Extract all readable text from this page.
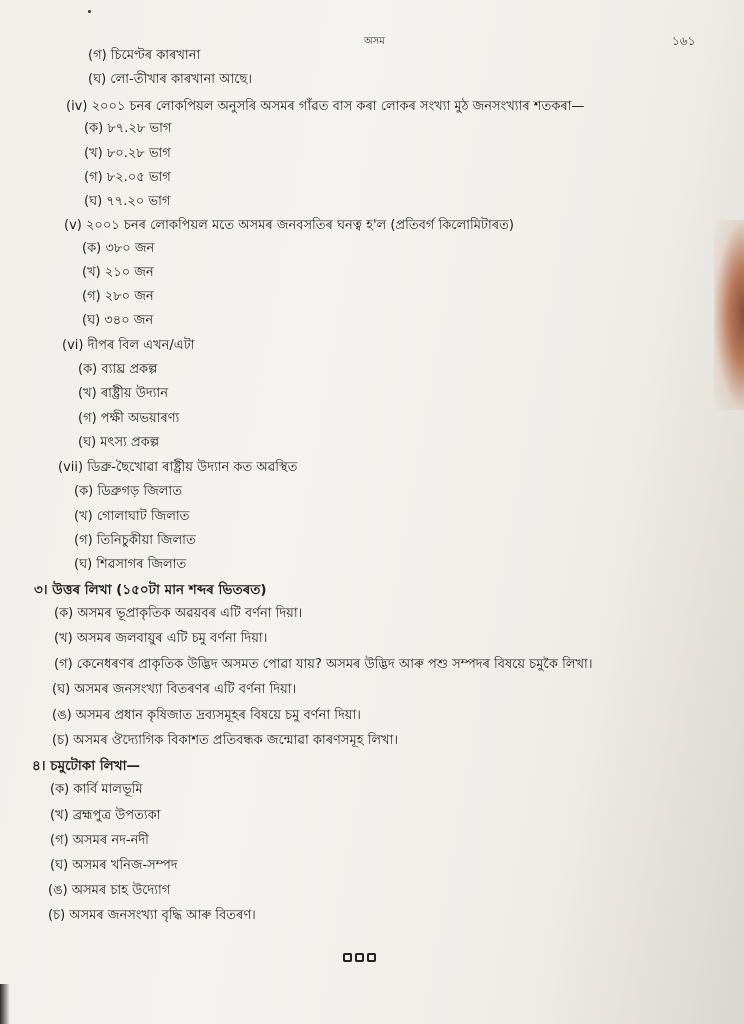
অসম	১৬১
(গ) চিমেণ্টৰ কাৰখানা
(ঘ) লো-তীখাৰ কাৰখানা আছে।
(iv) ২০০১ চনৰ লোকপিয়ল অনুসৰি অসমৰ গাঁৱত বাস কৰা লোকৰ সংখ্যা মুঠ জনসংখ্যাৰ শতকৰা—
(ক) ৮৭.২৮ ভাগ
(খ) ৮০.২৮ ভাগ
(গ) ৮২.০৫ ভাগ
(ঘ) ৭৭.২০ ভাগ
(v) ২০০১ চনৰ লোকপিয়ল মতে অসমৰ জনবসতিৰ ঘনত্ব হ'ল (প্ৰতিবৰ্গ কিলোমিটাৰত)
(ক) ৩৮০ জন
(খ) ২১০ জন
(গ) ২৮০ জন
(ঘ) ৩৪০ জন
(vi) দীপৰ বিল এখন/এটা
(ক) ব্যাঘ্ৰ প্ৰকল্প
(খ) ৰাষ্ট্ৰীয় উদ্যান
(গ) পক্ষী অভয়াৰণ্য
(ঘ) মৎস্য প্ৰকল্প
(vii) ডিব্ৰু-ছৈখোৱা ৰাষ্ট্ৰীয় উদ্যান কত অৱস্থিত
(ক) ডিব্ৰুগড় জিলাত
(খ) গোলাঘাট জিলাত
(গ) তিনিচুকীয়া জিলাত
(ঘ) শিৱসাগৰ জিলাত
৩। উত্তৰ লিখা (১৫০টা মান শব্দৰ ভিতৰত)
(ক) অসমৰ ভূপ্ৰাকৃতিক অৱয়বৰ এটি বৰ্ণনা দিয়া।
(খ) অসমৰ জলবায়ুৰ এটি চমু বৰ্ণনা দিয়া।
(গ) কেনেধৰণৰ প্ৰাকৃতিক উদ্ভিদ অসমত পোৱা যায়? অসমৰ উদ্ভিদ আৰু পশু সম্পদৰ বিষয়ে চমুকৈ লিখা।
(ঘ) অসমৰ জনসংখ্যা বিতৰণৰ এটি বৰ্ণনা দিয়া।
(ঙ) অসমৰ প্ৰধান কৃষিজাত দ্ৰব্যসমূহৰ বিষয়ে চমু বৰ্ণনা দিয়া।
(চ) অসমৰ ঔদ্যোগিক বিকাশত প্ৰতিবন্ধক জন্মোৱা কাৰণসমূহ লিখা।
৪। চমুটোকা লিখা—
(ক) কাৰ্বি মালভূমি
(খ) ব্ৰহ্মপুত্ৰ উপত্যকা
(গ) অসমৰ নদ-নদী
(ঘ) অসমৰ খনিজ-সম্পদ
(ঙ) অসমৰ চাহ উদ্যোগ
(চ) অসমৰ জনসংখ্যা বৃদ্ধি আৰু বিতৰণ।
